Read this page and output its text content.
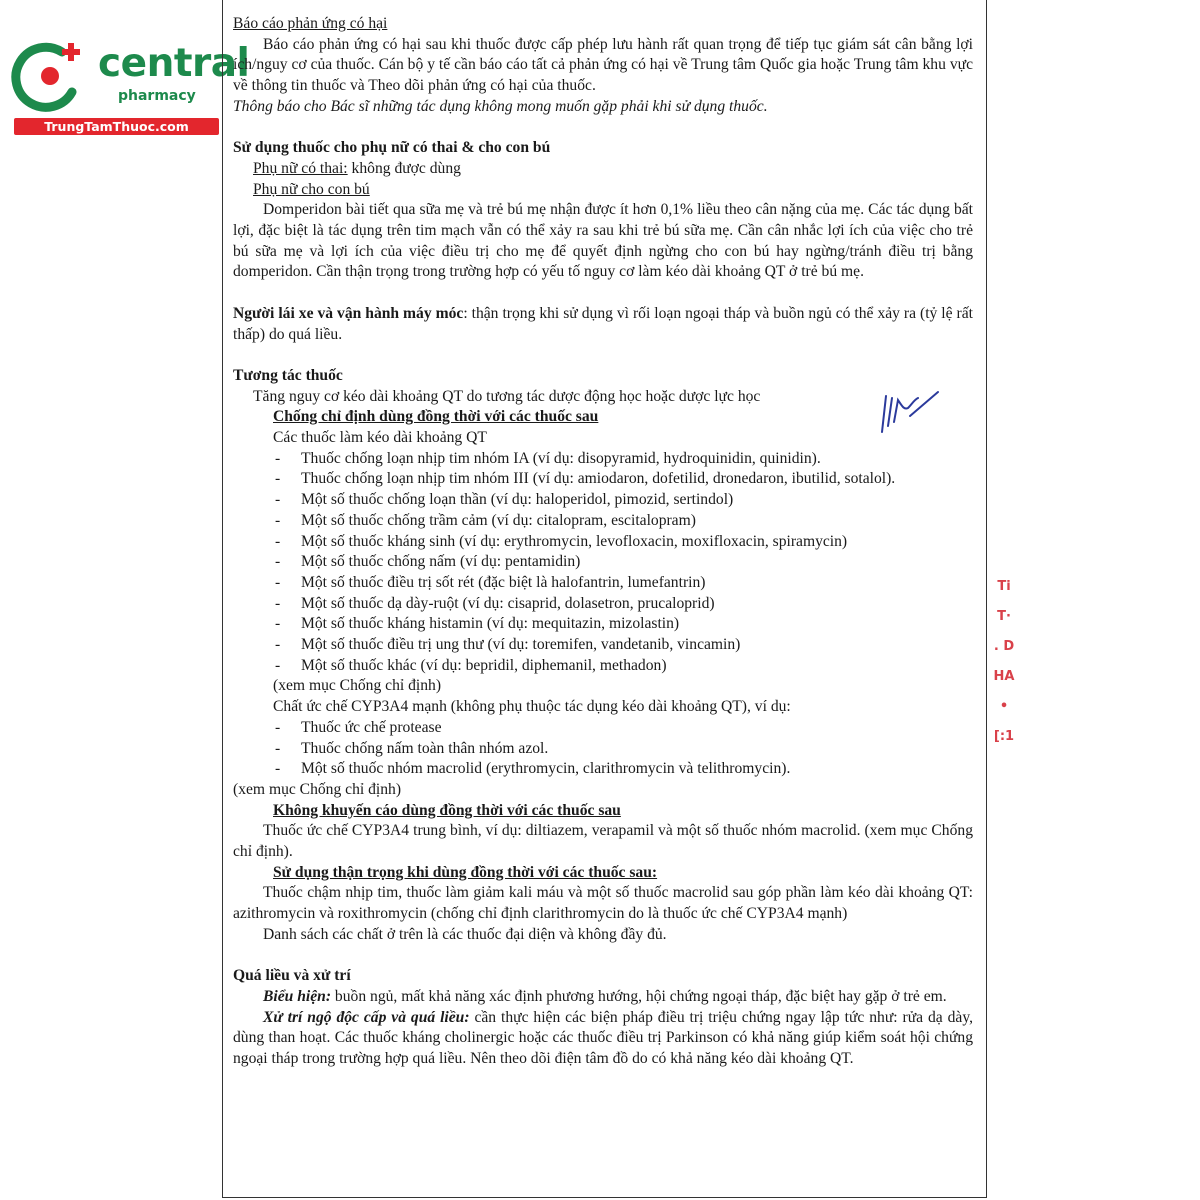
central
pharmacy
TrungTamThuoc.com

Báo cáo phản ứng có hại

Báo cáo phản ứng có hại sau khi thuốc được cấp phép lưu hành rất quan trọng để tiếp tục giám sát cân bằng lợi ích/nguy cơ của thuốc. Cán bộ y tế cần báo cáo tất cả phản ứng có hại về Trung tâm Quốc gia hoặc Trung tâm khu vực về thông tin thuốc và Theo dõi phản ứng có hại của thuốc.

Thông báo cho Bác sĩ những tác dụng không mong muốn gặp phải khi sử dụng thuốc.

Sử dụng thuốc cho phụ nữ có thai & cho con bú

Phụ nữ có thai: không được dùng

Phụ nữ cho con bú

Domperidon bài tiết qua sữa mẹ và trẻ bú mẹ nhận được ít hơn 0,1% liều theo cân nặng của mẹ. Các tác dụng bất lợi, đặc biệt là tác dụng trên tim mạch vẫn có thể xảy ra sau khi trẻ bú sữa mẹ. Cần cân nhắc lợi ích của việc cho trẻ bú sữa mẹ và lợi ích của việc điều trị cho mẹ để quyết định ngừng cho con bú hay ngừng/tránh điều trị bằng domperidon. Cần thận trọng trong trường hợp có yếu tố nguy cơ làm kéo dài khoảng QT ở trẻ bú mẹ.

Người lái xe và vận hành máy móc: thận trọng khi sử dụng vì rối loạn ngoại tháp và buồn ngủ có thể xảy ra (tỷ lệ rất thấp) do quá liều.

Tương tác thuốc

Tăng nguy cơ kéo dài khoảng QT do tương tác dược động học hoặc dược lực học

Chống chỉ định dùng đồng thời với các thuốc sau

Các thuốc làm kéo dài khoảng QT

- Thuốc chống loạn nhịp tim nhóm IA (ví dụ: disopyramid, hydroquinidin, quinidin).
- Thuốc chống loạn nhịp tim nhóm III (ví dụ: amiodaron, dofetilid, dronedaron, ibutilid, sotalol).
- Một số thuốc chống loạn thần (ví dụ: haloperidol, pimozid, sertindol)
- Một số thuốc chống trầm cảm (ví dụ: citalopram, escitalopram)
- Một số thuốc kháng sinh (ví dụ: erythromycin, levofloxacin, moxifloxacin, spiramycin)
- Một số thuốc chống nấm (ví dụ: pentamidin)
- Một số thuốc điều trị sốt rét (đặc biệt là halofantrin, lumefantrin)
- Một số thuốc dạ dày-ruột (ví dụ: cisaprid, dolasetron, prucaloprid)
- Một số thuốc kháng histamin (ví dụ: mequitazin, mizolastin)
- Một số thuốc điều trị ung thư (ví dụ: toremifen, vandetanib, vincamin)
- Một số thuốc khác (ví dụ: bepridil, diphemanil, methadon)

(xem mục Chống chỉ định)

Chất ức chế CYP3A4 mạnh (không phụ thuộc tác dụng kéo dài khoảng QT), ví dụ:

- Thuốc ức chế protease
- Thuốc chống nấm toàn thân nhóm azol.
- Một số thuốc nhóm macrolid (erythromycin, clarithromycin và telithromycin).

(xem mục Chống chỉ định)

Không khuyến cáo dùng đồng thời với các thuốc sau

Thuốc ức chế CYP3A4 trung bình, ví dụ: diltiazem, verapamil và một số thuốc nhóm macrolid. (xem mục Chống chỉ định).

Sử dụng thận trọng khi dùng đồng thời với các thuốc sau:

Thuốc chậm nhịp tim, thuốc làm giảm kali máu và một số thuốc macrolid sau góp phần làm kéo dài khoảng QT: azithromycin và roxithromycin (chống chỉ định clarithromycin do là thuốc ức chế CYP3A4 mạnh)

Danh sách các chất ở trên là các thuốc đại diện và không đầy đủ.

Quá liều và xử trí

Biểu hiện: buồn ngủ, mất khả năng xác định phương hướng, hội chứng ngoại tháp, đặc biệt hay gặp ở trẻ em.

Xử trí ngộ độc cấp và quá liều: cần thực hiện các biện pháp điều trị triệu chứng ngay lập tức như: rửa dạ dày, dùng than hoạt. Các thuốc kháng cholinergic hoặc các thuốc điều trị Parkinson có khả năng giúp kiểm soát hội chứng ngoại tháp trong trường hợp quá liều. Nên theo dõi điện tâm đồ do có khả năng kéo dài khoảng QT.

Ті
Т·
. D
HA
•
[:1
